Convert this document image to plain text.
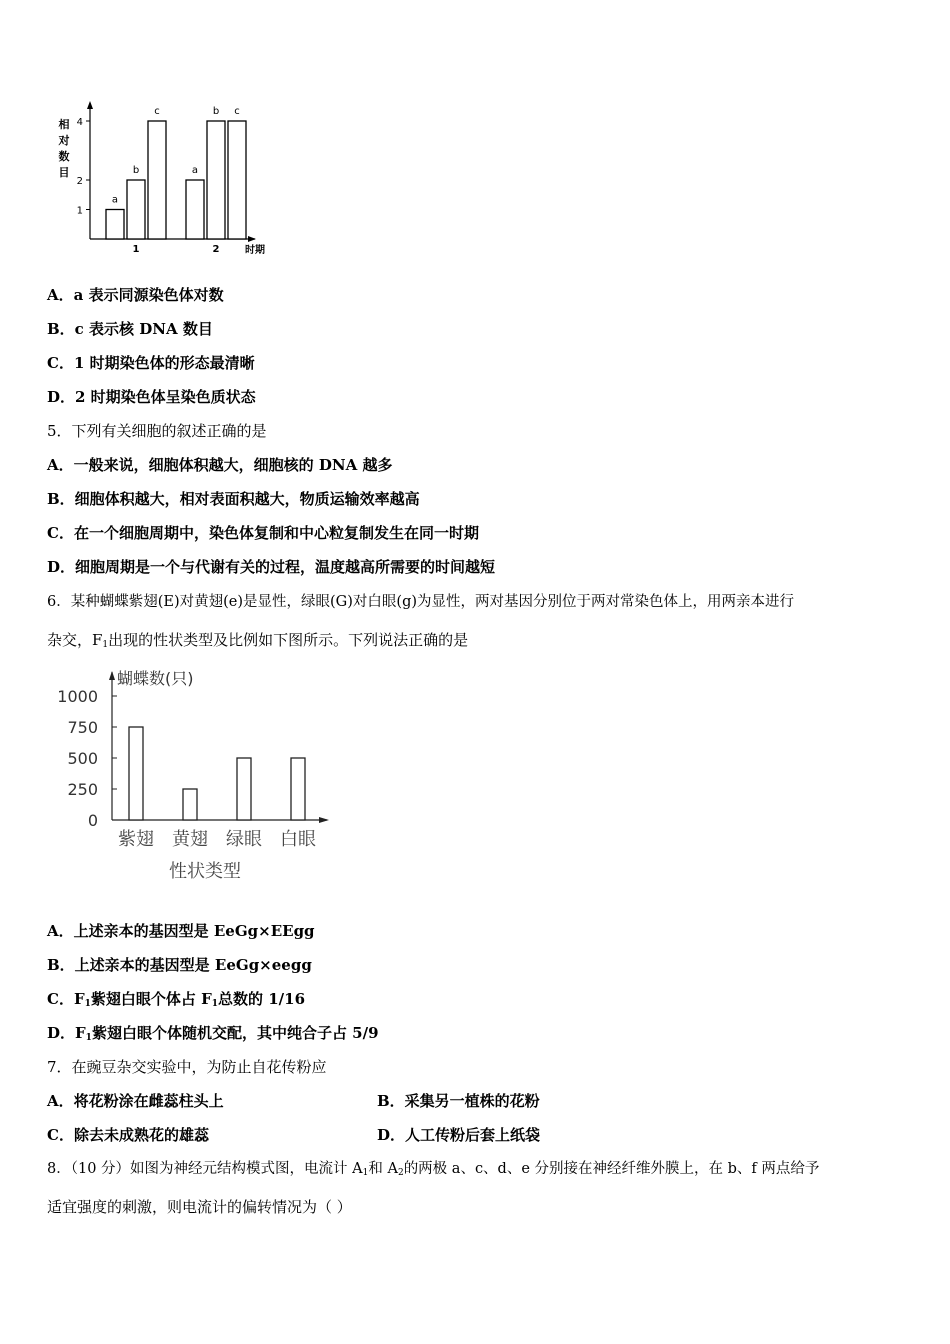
相
对
数
目
1
2
4
a
b
c
1
a
b c
2	时期
A．a 表示同源染色体对数
B．c 表示核 DNA 数目
C．1 时期染色体的形态最清晰
D．2 时期染色体呈染色质状态
5．下列有关细胞的叙述正确的是
A．一般来说，细胞体积越大，细胞核的 DNA 越多
B．细胞体积越大，相对表面积越大，物质运输效率越高
C．在一个细胞周期中，染色体复制和中心粒复制发生在同一时期
D．细胞周期是一个与代谢有关的过程，温度越高所需要的时间越短
6．某种蝴蝶紫翅(E)对黄翅(e)是显性，绿眼(G)对白眼(g)为显性，两对基因分别位于两对常染色体上，用两亲本进行
杂交，$F_1$出现的性状类型及比例如下图所示。下列说法正确的是
蝴蝶数(只)
0
250
500
750
1000
紫翅 黄翅 绿眼 白眼
性状类型
A．上述亲本的基因型是 EeGg×EEgg
B．上述亲本的基因型是 EeGg×eegg
C．$F_1$紫翅白眼个体占 $F_1$总数的 1/16
D．$F_1$紫翅白眼个体随机交配，其中纯合子占 5/9
7．在豌豆杂交实验中，为防止自花传粉应
A．将花粉涂在雌蕊柱头上	B．采集另一植株的花粉
C．除去未成熟花的雄蕊	D．人工传粉后套上纸袋
8．（10 分）如图为神经元结构模式图，电流计 $A_1$和 $A_2$的两极 a、c、d、e 分别接在神经纤维外膜上，在 b、f 两点给予
适宜强度的刺激，则电流计的偏转情况为（ ）
